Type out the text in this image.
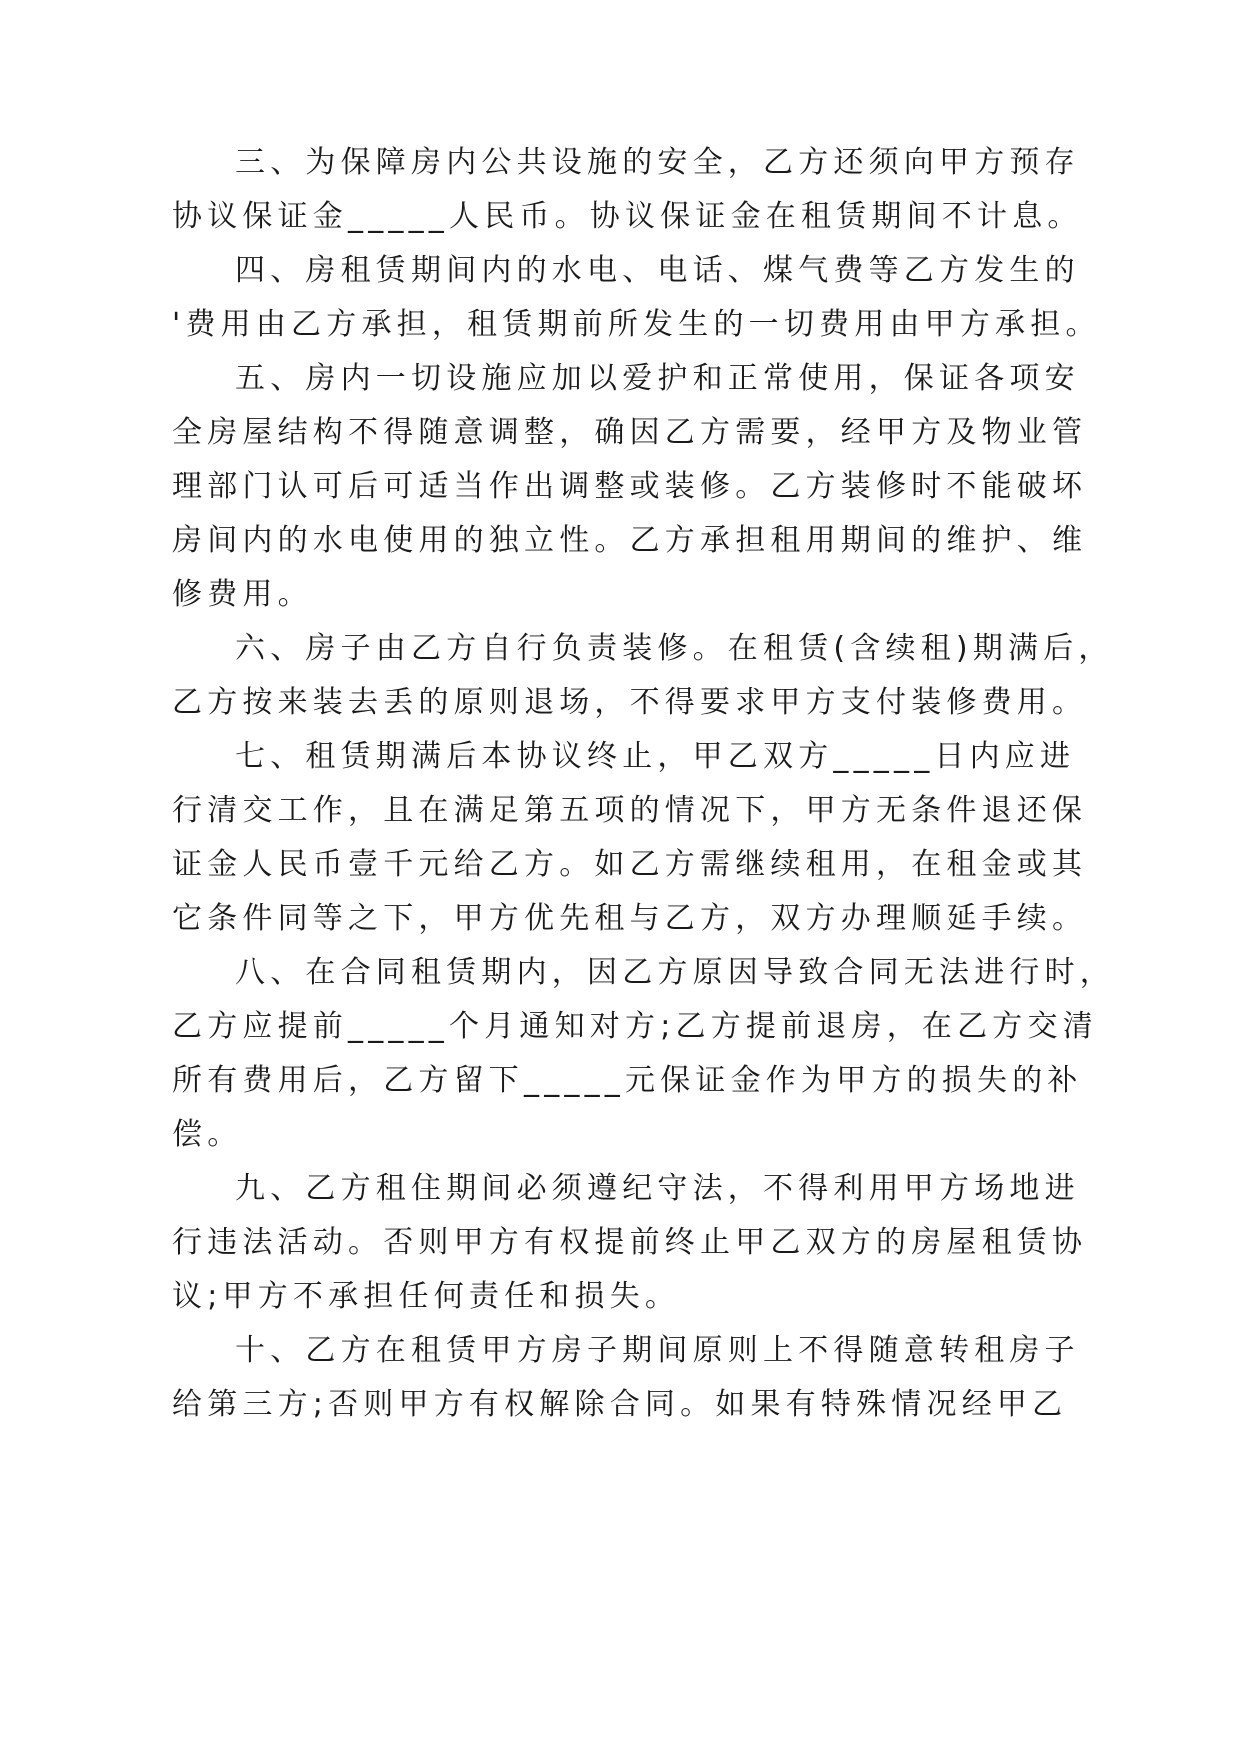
三、为保障房内公共设施的安全，乙方还须向甲方预存
协议保证金_____人民币。协议保证金在租赁期间不计息。
四、房租赁期间内的水电、电话、煤气费等乙方发生的
'费用由乙方承担，租赁期前所发生的一切费用由甲方承担。
五、房内一切设施应加以爱护和正常使用，保证各项安
全房屋结构不得随意调整，确因乙方需要，经甲方及物业管
理部门认可后可适当作出调整或装修。乙方装修时不能破坏
房间内的水电使用的独立性。乙方承担租用期间的维护、维
修费用。
六、房子由乙方自行负责装修。在租赁(含续租)期满后，
乙方按来装去丢的原则退场，不得要求甲方支付装修费用。
七、租赁期满后本协议终止，甲乙双方_____日内应进
行清交工作，且在满足第五项的情况下，甲方无条件退还保
证金人民币壹千元给乙方。如乙方需继续租用，在租金或其
它条件同等之下，甲方优先租与乙方，双方办理顺延手续。
八、在合同租赁期内，因乙方原因导致合同无法进行时，
乙方应提前_____个月通知对方;乙方提前退房，在乙方交清
所有费用后，乙方留下_____元保证金作为甲方的损失的补
偿。
九、乙方租住期间必须遵纪守法，不得利用甲方场地进
行违法活动。否则甲方有权提前终止甲乙双方的房屋租赁协
议;甲方不承担任何责任和损失。
十、乙方在租赁甲方房子期间原则上不得随意转租房子
给第三方;否则甲方有权解除合同。如果有特殊情况经甲乙
